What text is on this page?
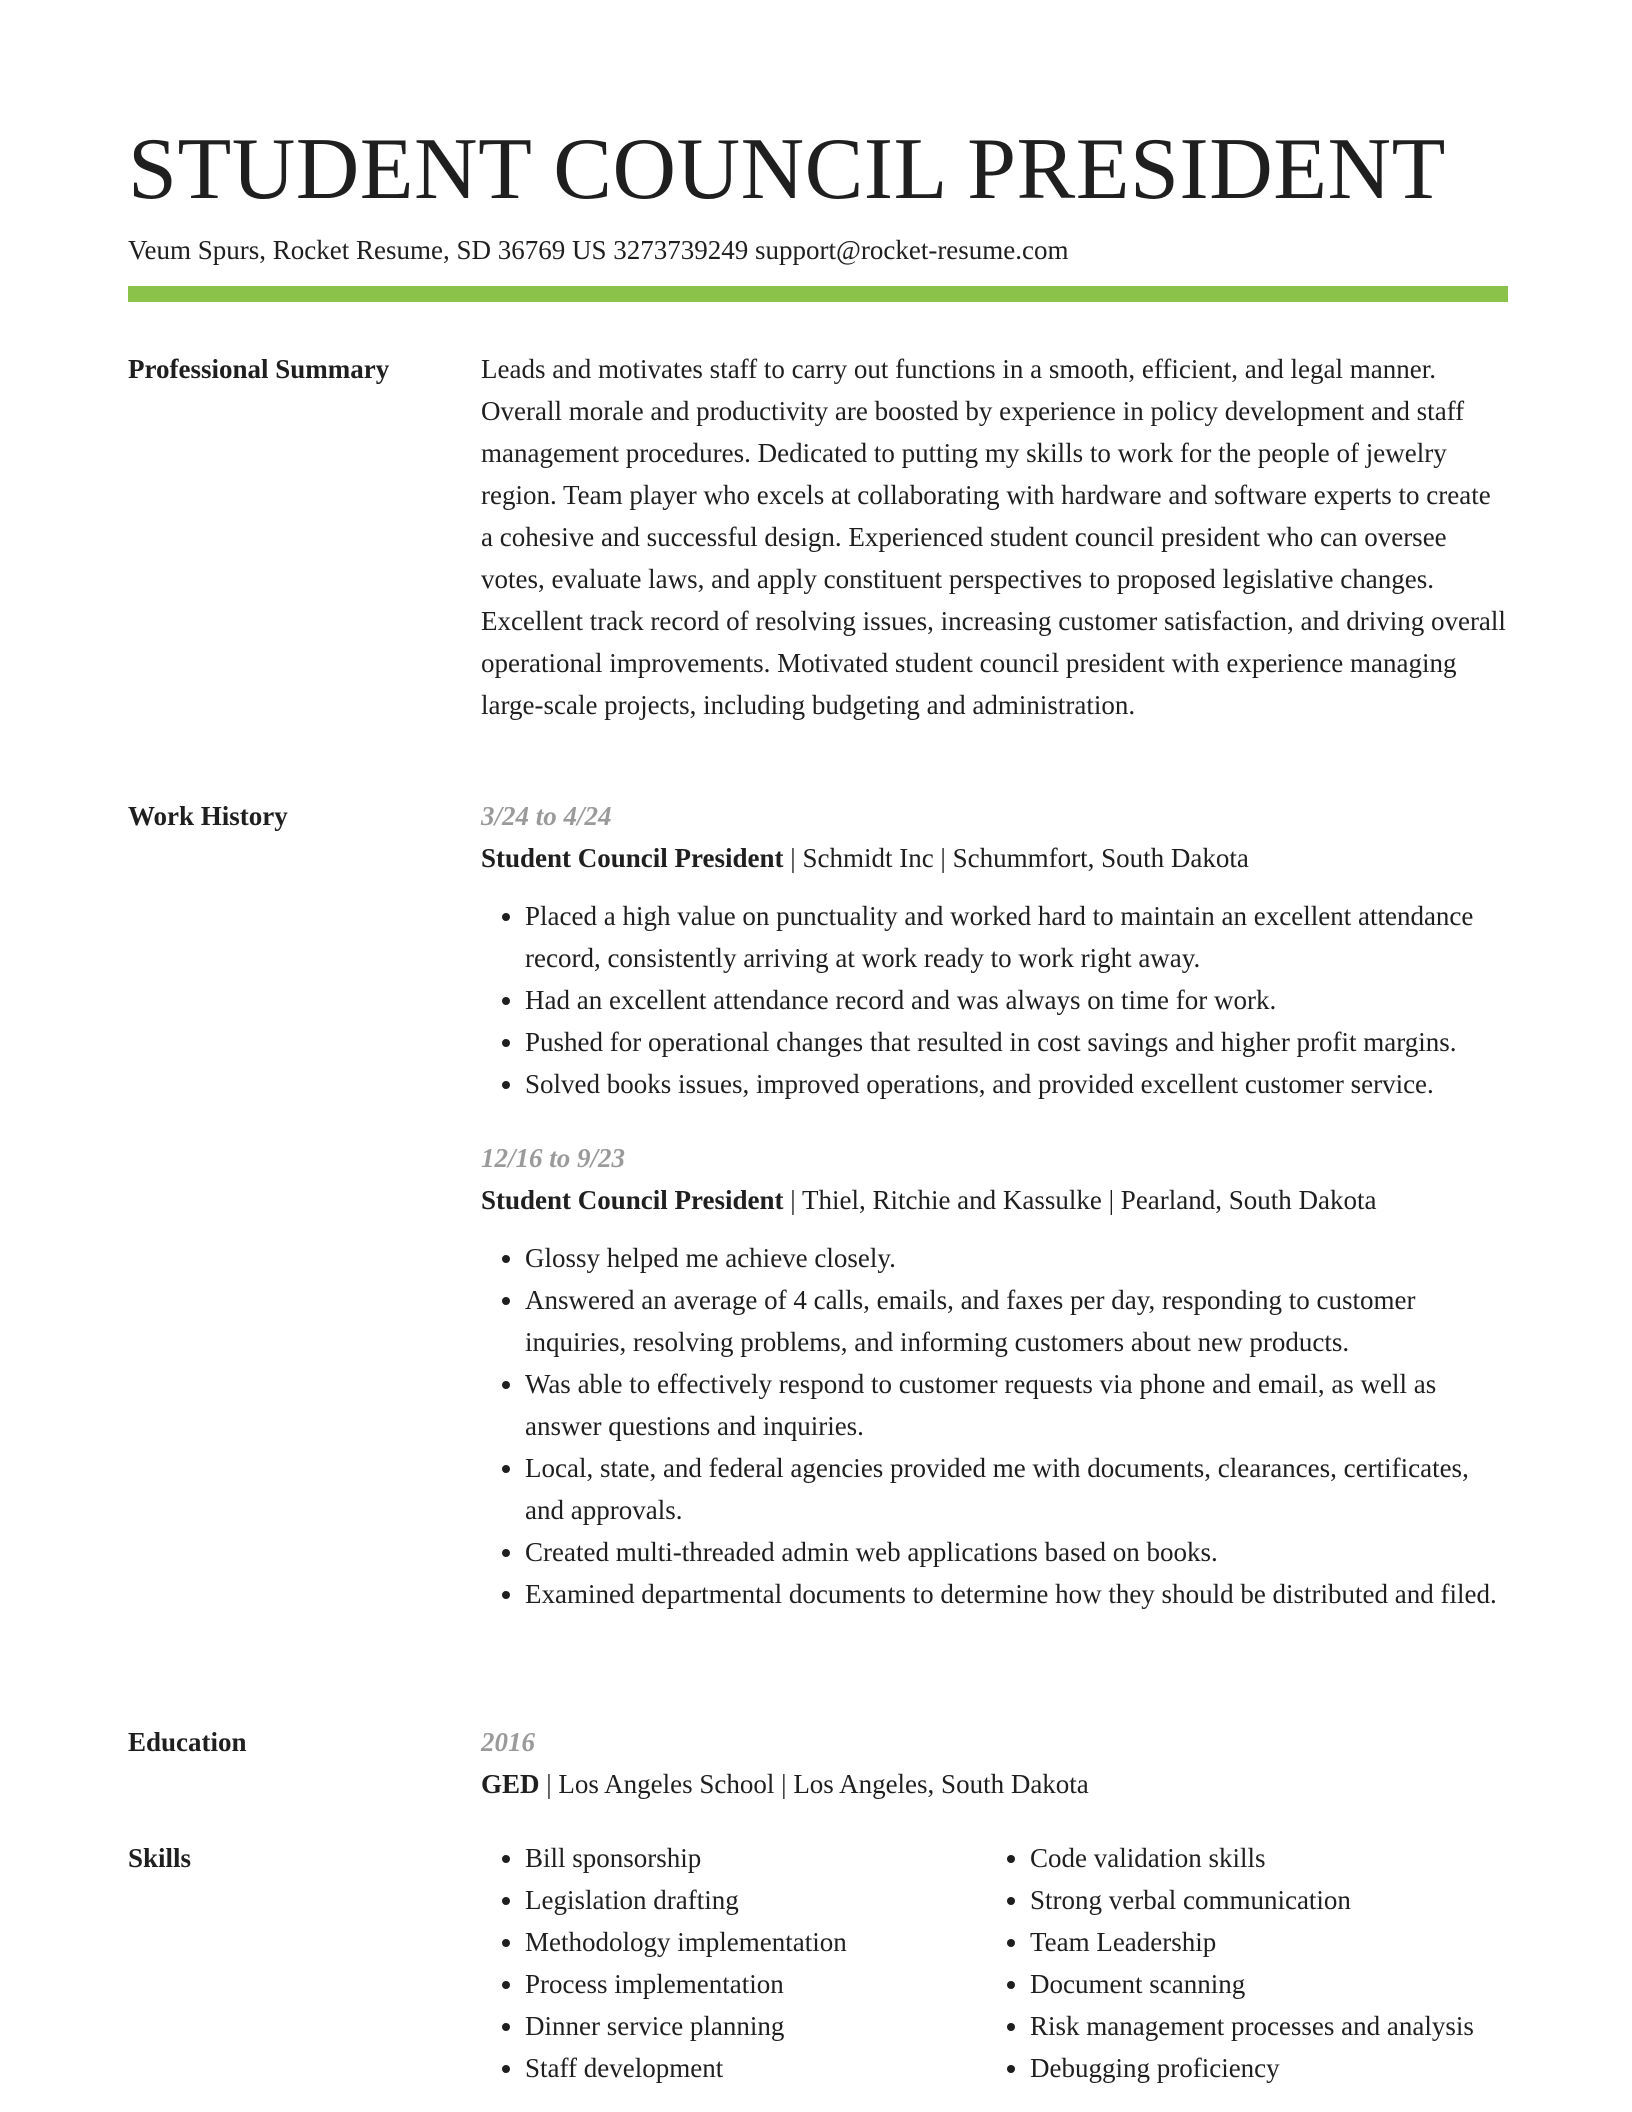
STUDENT COUNCIL PRESIDENT
Veum Spurs, Rocket Resume, SD 36769 US 3273739249 support@rocket-resume.com
Professional Summary	Leads and motivates staff to carry out functions in a smooth, efficient, and legal manner. Overall morale and productivity are boosted by experience in policy development and staff management procedures. Dedicated to putting my skills to work for the people of jewelry region. Team player who excels at collaborating with hardware and software experts to create a cohesive and successful design. Experienced student council president who can oversee votes, evaluate laws, and apply constituent perspectives to proposed legislative changes. Excellent track record of resolving issues, increasing customer satisfaction, and driving overall operational improvements. Motivated student council president with experience managing large-scale projects, including budgeting and administration.

Work History	3/24 to 4/24
Student Council President | Schmidt Inc | Schummfort, South Dakota
• Placed a high value on punctuality and worked hard to maintain an excellent attendance record, consistently arriving at work ready to work right away.
• Had an excellent attendance record and was always on time for work.
• Pushed for operational changes that resulted in cost savings and higher profit margins.
• Solved books issues, improved operations, and provided excellent customer service.
12/16 to 9/23
Student Council President | Thiel, Ritchie and Kassulke | Pearland, South Dakota
• Glossy helped me achieve closely.
• Answered an average of 4 calls, emails, and faxes per day, responding to customer inquiries, resolving problems, and informing customers about new products.
• Was able to effectively respond to customer requests via phone and email, as well as answer questions and inquiries.
• Local, state, and federal agencies provided me with documents, clearances, certificates, and approvals.
• Created multi-threaded admin web applications based on books.
• Examined departmental documents to determine how they should be distributed and filed.
Education	2016
GED | Los Angeles School | Los Angeles, South Dakota
Skills
•	Bill sponsorship
• Legislation drafting
• Methodology implementation
• Process implementation
• Dinner service planning
• Staff development
• Code validation skills
• Strong verbal communication
• Team Leadership
• Document scanning
• Risk management processes and analysis
• Debugging proficiency
